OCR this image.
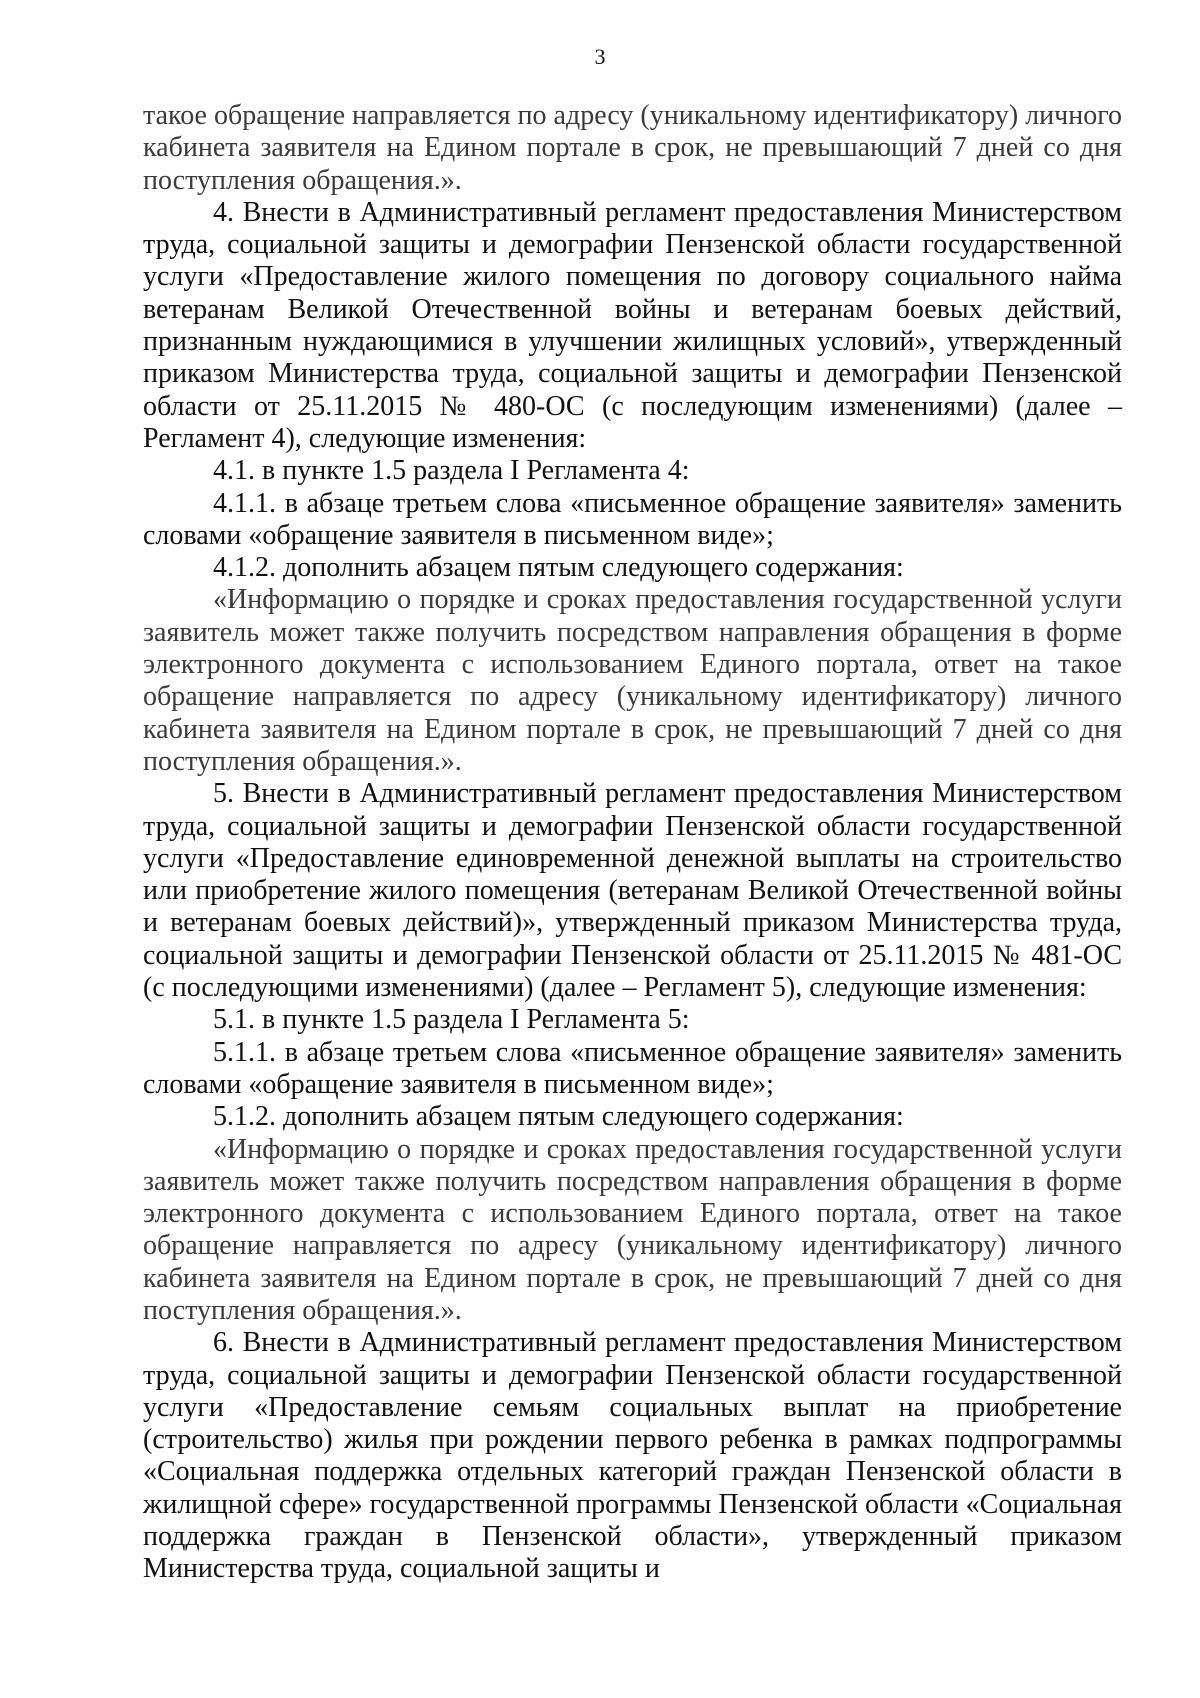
3

такое обращение направляется по адресу (уникальному идентификатору) личного кабинета заявителя на Едином портале в срок, не превышающий 7 дней со дня поступления обращения.».

4. Внести в Административный регламент предоставления Министерством труда, социальной защиты и демографии Пензенской области государственной услуги «Предоставление жилого помещения по договору социального найма ветеранам Великой Отечественной войны и ветеранам боевых действий, признанным нуждающимися в улучшении жилищных условий», утвержденный приказом Министерства труда, социальной защиты и демографии Пензенской области от 25.11.2015 № 480-ОС (с последующим изменениями) (далее – Регламент 4), следующие изменения:

4.1. в пункте 1.5 раздела I Регламента 4:

4.1.1. в абзаце третьем слова «письменное обращение заявителя» заменить словами «обращение заявителя в письменном виде»;

4.1.2. дополнить абзацем пятым следующего содержания:

«Информацию о порядке и сроках предоставления государственной услуги заявитель может также получить посредством направления обращения в форме электронного документа с использованием Единого портала, ответ на такое обращение направляется по адресу (уникальному идентификатору) личного кабинета заявителя на Едином портале в срок, не превышающий 7 дней со дня поступления обращения.».

5. Внести в Административный регламент предоставления Министерством труда, социальной защиты и демографии Пензенской области государственной услуги «Предоставление единовременной денежной выплаты на строительство или приобретение жилого помещения (ветеранам Великой Отечественной войны и ветеранам боевых действий)», утвержденный приказом Министерства труда, социальной защиты и демографии Пензенской области от 25.11.2015 № 481-ОС (с последующими изменениями) (далее – Регламент 5), следующие изменения:

5.1. в пункте 1.5 раздела I Регламента 5:

5.1.1. в абзаце третьем слова «письменное обращение заявителя» заменить словами «обращение заявителя в письменном виде»;

5.1.2. дополнить абзацем пятым следующего содержания:

«Информацию о порядке и сроках предоставления государственной услуги заявитель может также получить посредством направления обращения в форме электронного документа с использованием Единого портала, ответ на такое обращение направляется по адресу (уникальному идентификатору) личного кабинета заявителя на Едином портале в срок, не превышающий 7 дней со дня поступления обращения.».

6. Внести в Административный регламент предоставления Министерством труда, социальной защиты и демографии Пензенской области государственной услуги «Предоставление семьям социальных выплат на приобретение (строительство) жилья при рождении первого ребенка в рамках подпрограммы «Социальная поддержка отдельных категорий граждан Пензенской области в жилищной сфере» государственной программы Пензенской области «Социальная поддержка граждан в Пензенской области», утвержденный приказом Министерства труда, социальной защиты и
